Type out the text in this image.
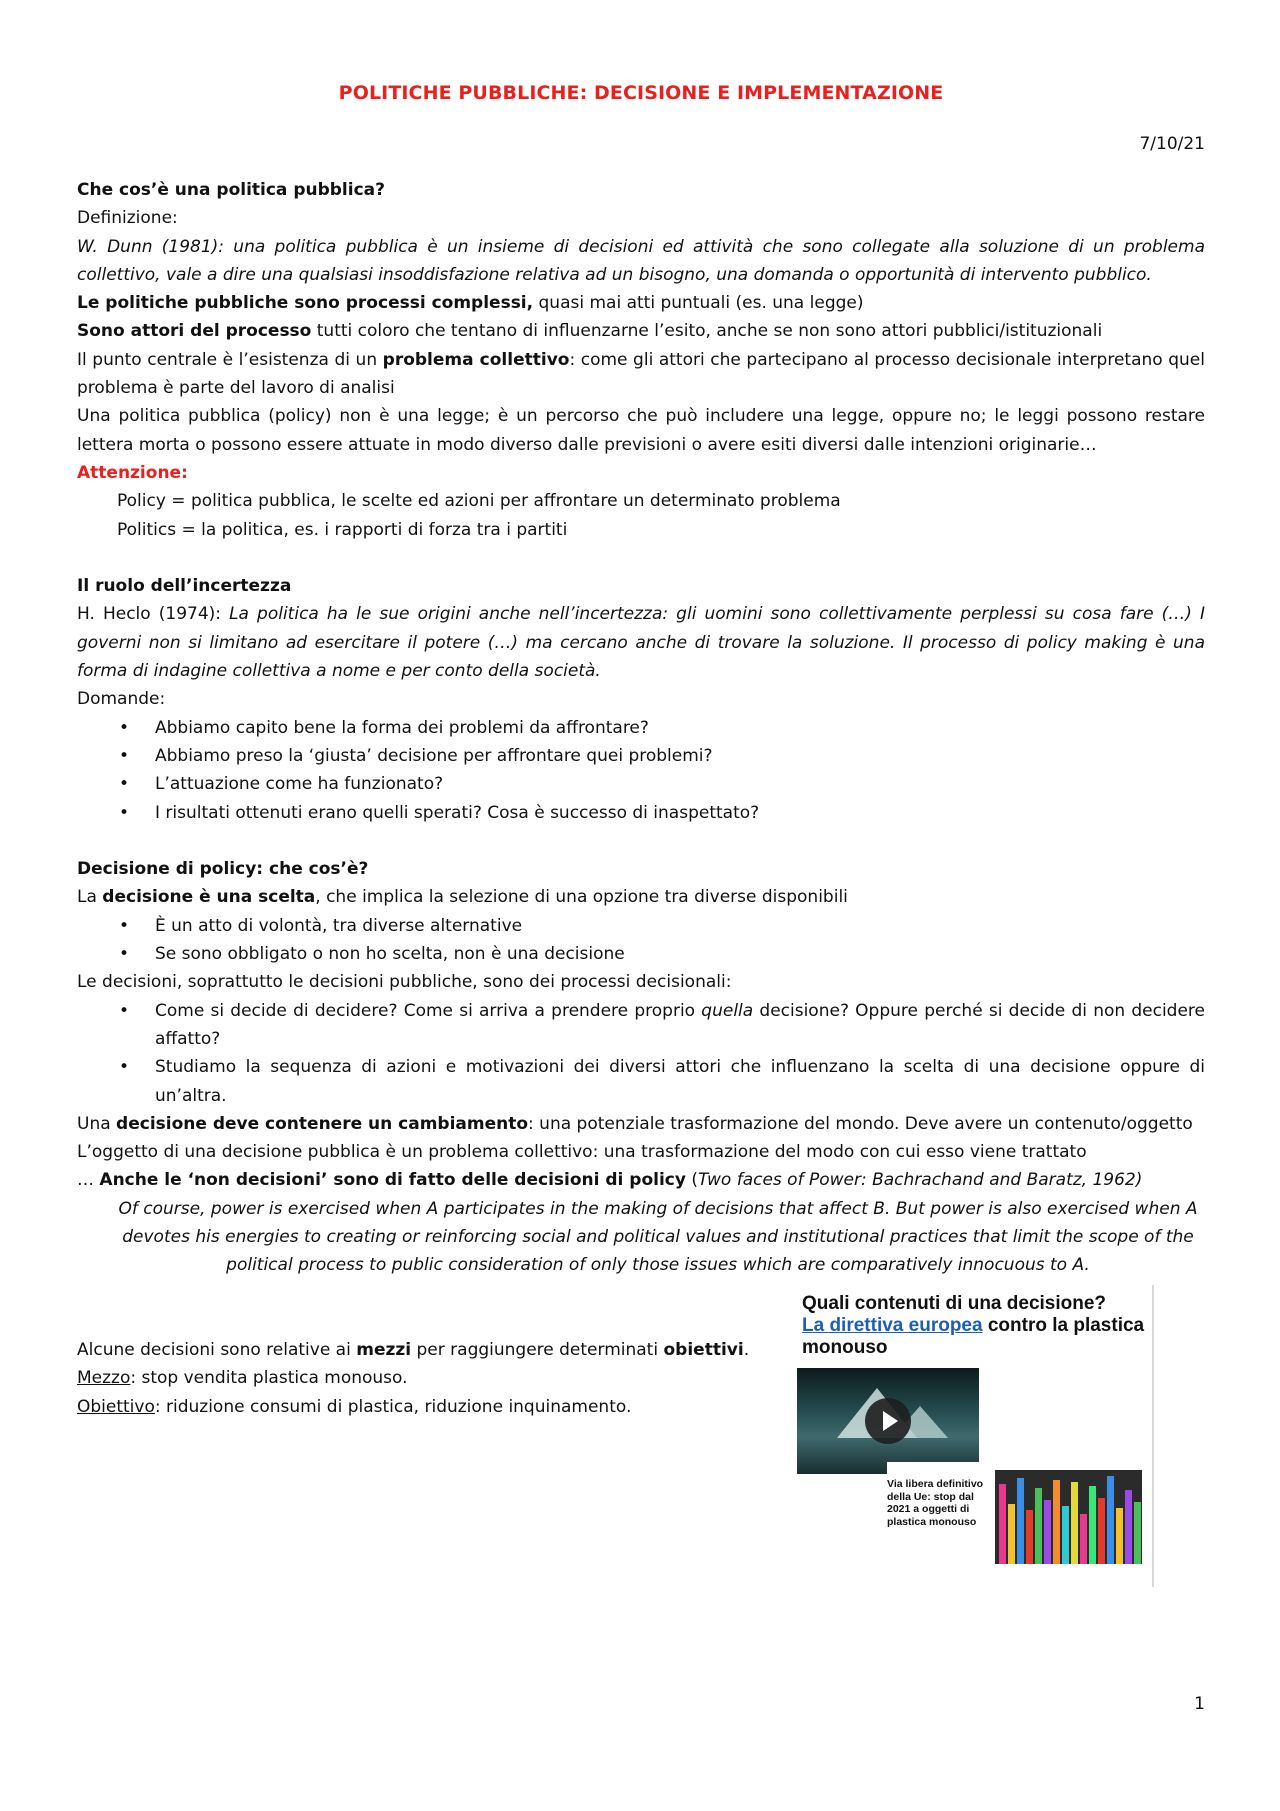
POLITICHE PUBBLICHE: DECISIONE E IMPLEMENTAZIONE
7/10/21

Che cos’è una politica pubblica?

Definizione:

W. Dunn (1981): una politica pubblica è un insieme di decisioni ed attività che sono collegate alla soluzione di un problema collettivo, vale a dire una qualsiasi insoddisfazione relativa ad un bisogno, una domanda o opportunità di intervento pubblico.

Le politiche pubbliche sono processi complessi, quasi mai atti puntuali (es. una legge)

Sono attori del processo tutti coloro che tentano di influenzarne l’esito, anche se non sono attori pubblici/istituzionali

Il punto centrale è l’esistenza di un problema collettivo: come gli attori che partecipano al processo decisionale interpretano quel problema è parte del lavoro di analisi

Una politica pubblica (policy) non è una legge; è un percorso che può includere una legge, oppure no; le leggi possono restare lettera morta o possono essere attuate in modo diverso dalle previsioni o avere esiti diversi dalle intenzioni originarie…

Attenzione:

Policy = politica pubblica, le scelte ed azioni per affrontare un determinato problema

Politics = la politica, es. i rapporti di forza tra i partiti

Il ruolo dell’incertezza

H. Heclo (1974): La politica ha le sue origini anche nell’incertezza: gli uomini sono collettivamente perplessi su cosa fare (…) I governi non si limitano ad esercitare il potere (…) ma cercano anche di trovare la soluzione. Il processo di policy making è una forma di indagine collettiva a nome e per conto della società.

Domande:

• Abbiamo capito bene la forma dei problemi da affrontare?
• Abbiamo preso la ‘giusta’ decisione per affrontare quei problemi?
• L’attuazione come ha funzionato?
• I risultati ottenuti erano quelli sperati? Cosa è successo di inaspettato?

Decisione di policy: che cos’è?

La decisione è una scelta, che implica la selezione di una opzione tra diverse disponibili

• È un atto di volontà, tra diverse alternative
• Se sono obbligato o non ho scelta, non è una decisione

Le decisioni, soprattutto le decisioni pubbliche, sono dei processi decisionali:

• Come si decide di decidere? Come si arriva a prendere proprio quella decisione? Oppure perché si decide di non decidere affatto?
• Studiamo la sequenza di azioni e motivazioni dei diversi attori che influenzano la scelta di una decisione oppure di un’altra.

Una decisione deve contenere un cambiamento: una potenziale trasformazione del mondo. Deve avere un contenuto/oggetto

L’oggetto di una decisione pubblica è un problema collettivo: una trasformazione del modo con cui esso viene trattato

… Anche le ‘non decisioni’ sono di fatto delle decisioni di policy (Two faces of Power: Bachrachand and Baratz, 1962)

Of course, power is exercised when A participates in the making of decisions that affect B. But power is also exercised when A devotes his energies to creating or reinforcing social and political values and institutional practices that limit the scope of the political process to public consideration of only those issues which are comparatively innocuous to A.

Alcune decisioni sono relative ai mezzi per raggiungere determinati obiettivi.

Mezzo: stop vendita plastica monouso.

Obiettivo: riduzione consumi di plastica, riduzione inquinamento.

Quali contenuti di una decisione?
La direttiva europea contro la plastica monouso
Via libera definitivo della Ue: stop dal 2021 a oggetti di plastica monouso
1
